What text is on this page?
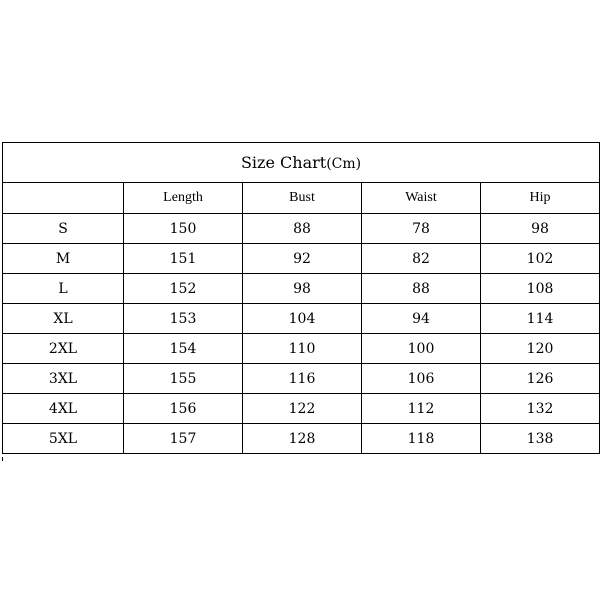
Size Chart(Cm)				
	Length	Bust	Waist	Hip
S	150	88	78	98
M	151	92	82	102
L	152	98	88	108
XL	153	104	94	114
2XL	154	110	100	120
3XL	155	116	106	126
4XL	156	122	112	132
5XL	157	128	118	138
